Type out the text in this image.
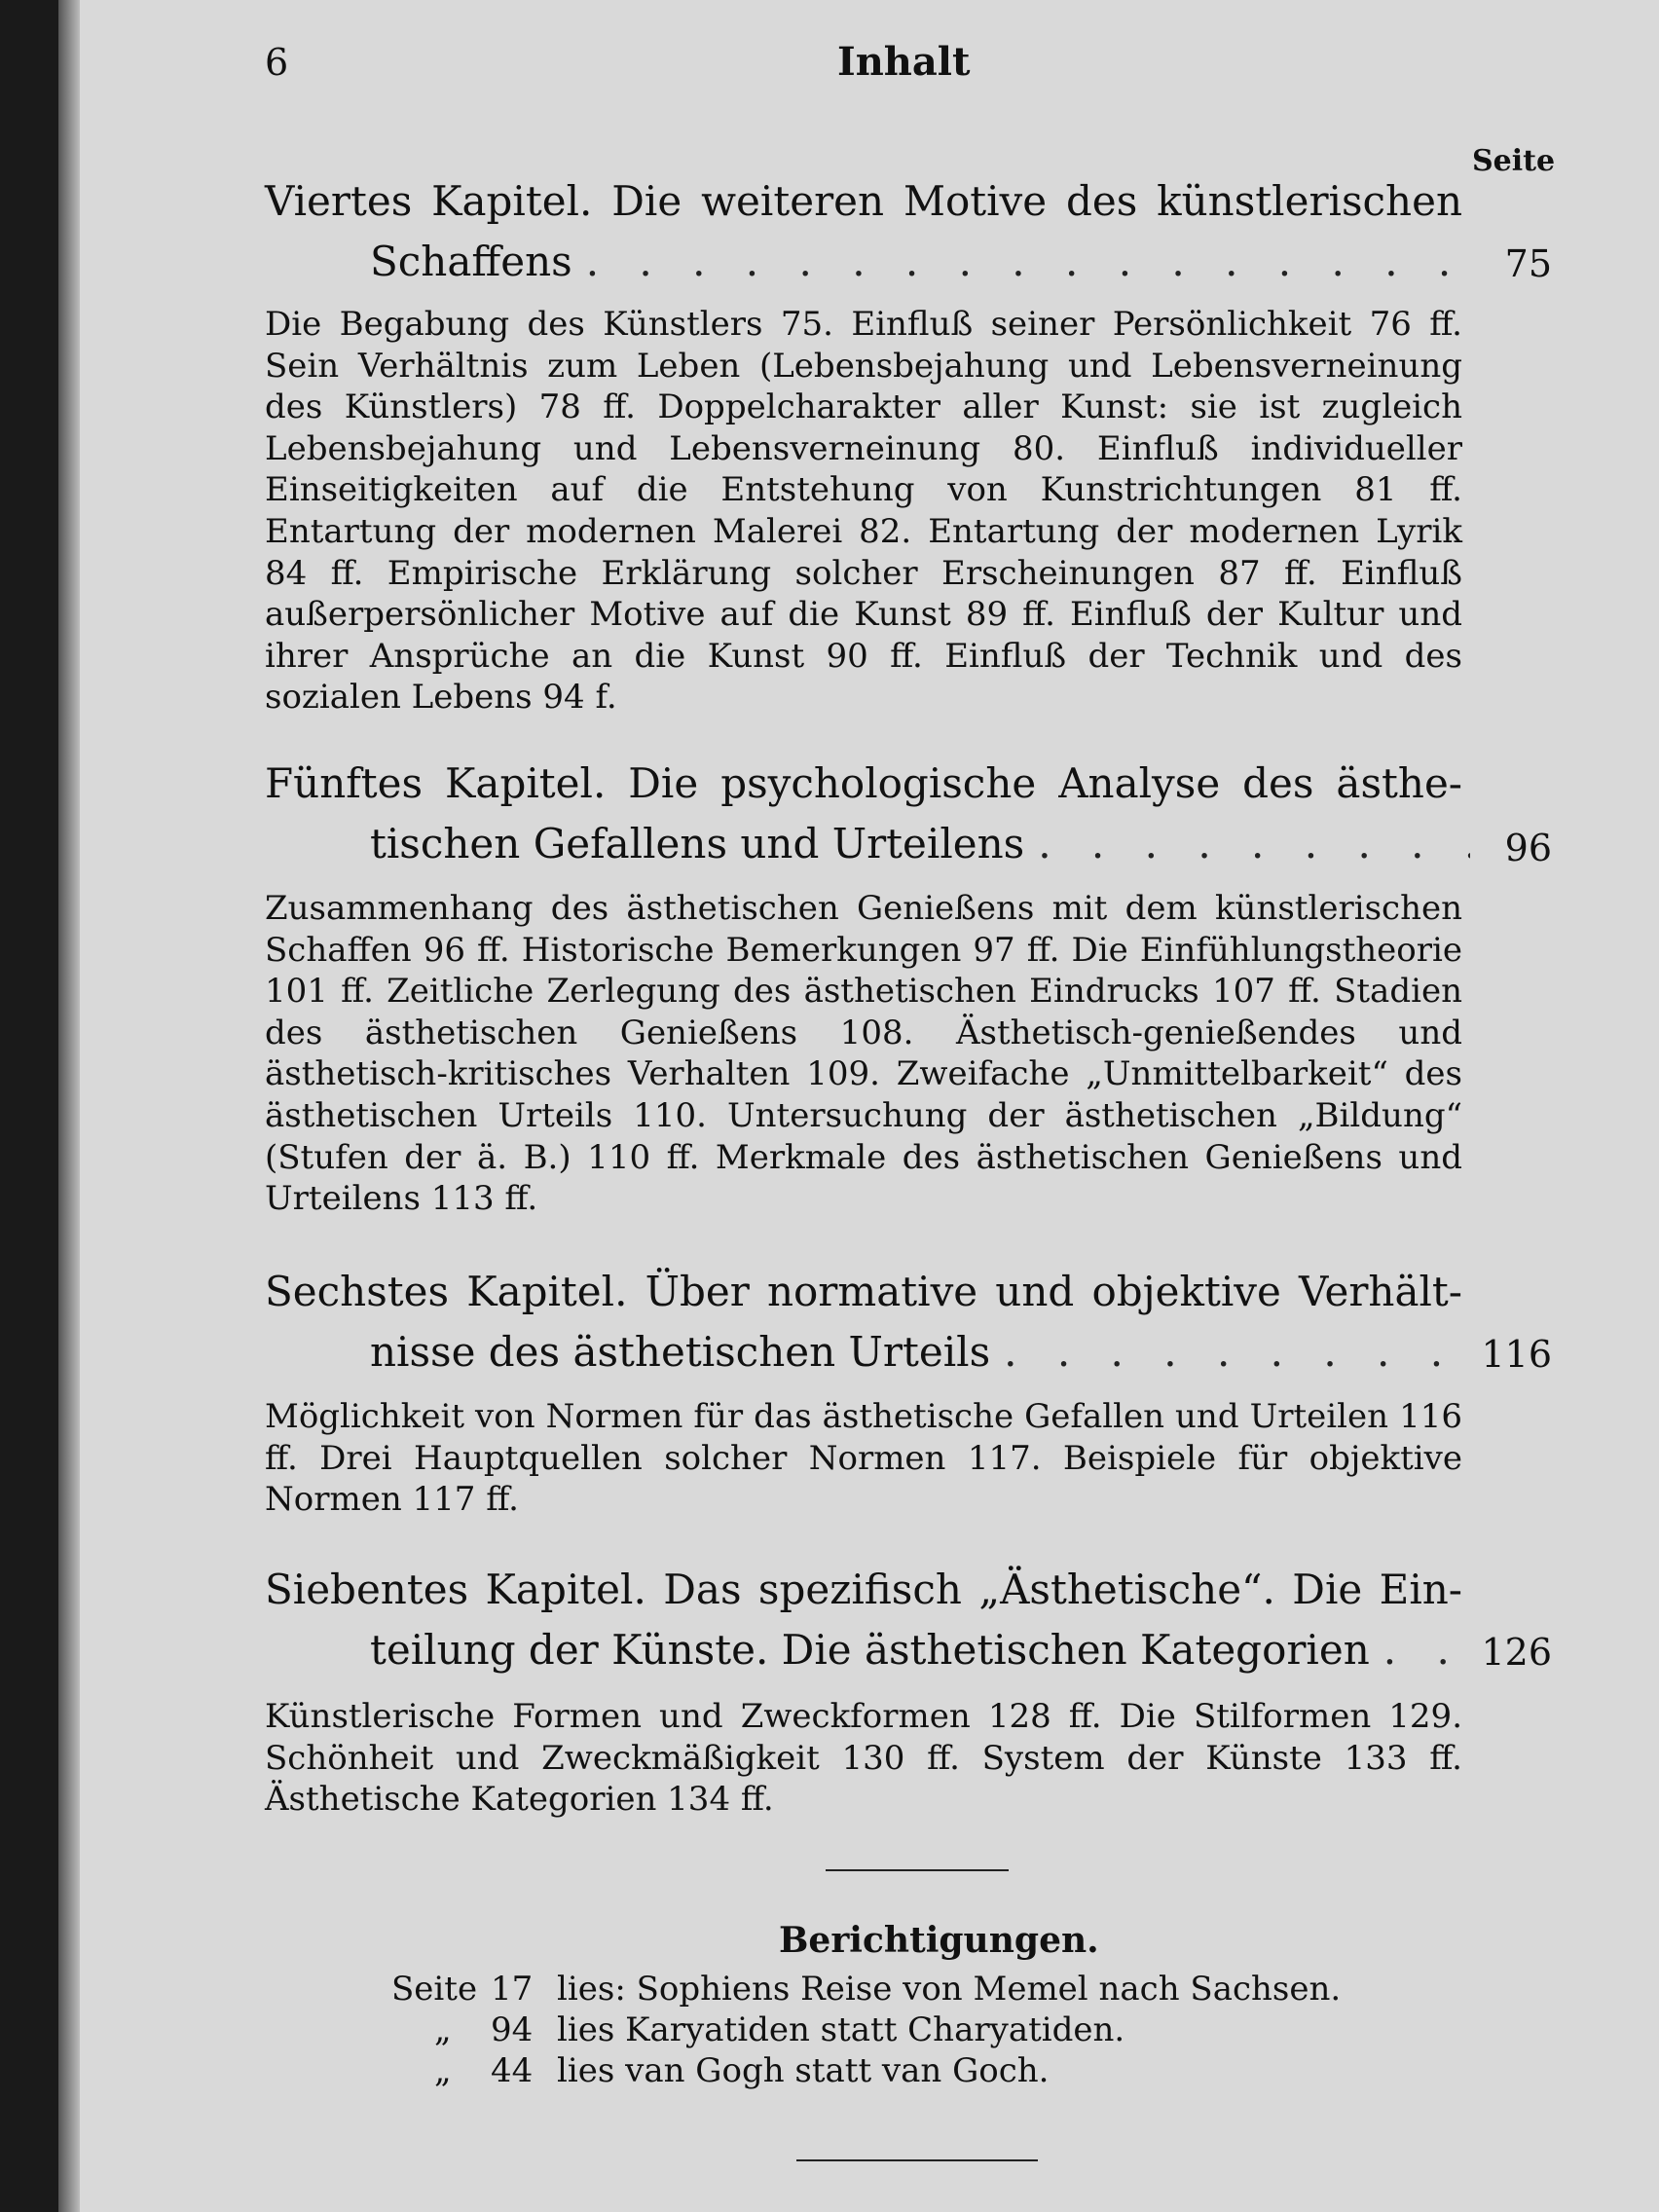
6	Inhalt
Seite
Viertes Kapitel. Die weiteren Motive des künstlerischen
Schaffens . . .	75
Die Begabung des Künstlers 75. Einfluß seiner Persönlichkeit 76 ff. Sein Verhältnis zum Leben (Lebensbejahung und Lebensverneinung des Künstlers) 78 ff. Doppelcharakter aller Kunst: sie ist zugleich Lebensbejahung und Lebensverneinung 80. Einfluß individueller Einseitigkeiten auf die Entstehung von Kunstrichtungen 81 ff. Entartung der modernen Malerei 82. Entartung der modernen Lyrik 84 ff. Empirische Erklärung solcher Erscheinungen 87 ff. Einfluß außerpersönlicher Motive auf die Kunst 89 ff. Einfluß der Kultur und ihrer Ansprüche an die Kunst 90 ff. Einfluß der Technik und des sozialen Lebens 94 f.
Fünftes Kapitel. Die psychologische Analyse des ästhe-
tischen Gefallens und Urteilens . . .	96
Zusammenhang des ästhetischen Genießens mit dem künstlerischen Schaffen 96 ff. Historische Bemerkungen 97 ff. Die Einfühlungstheorie 101 ff. Zeitliche Zerlegung des ästhetischen Eindrucks 107 ff. Stadien des ästhetischen Genießens 108. Ästhetisch-genießendes und ästhetisch-kritisches Verhalten 109. Zweifache „Unmittelbarkeit“ des ästhetischen Urteils 110. Untersuchung der ästhetischen „Bildung“ (Stufen der ä. B.) 110 ff. Merkmale des ästhetischen Genießens und Urteilens 113 ff.
Sechstes Kapitel. Über normative und objektive Verhält-
nisse des ästhetischen Urteils . . .	116
Möglichkeit von Normen für das ästhetische Gefallen und Urteilen 116 ff. Drei Hauptquellen solcher Normen 117. Beispiele für objektive Normen 117 ff.
Siebentes Kapitel. Das spezifisch „Ästhetische“. Die Ein-
teilung der Künste. Die ästhetischen Kategorien . . .	126
Künstlerische Formen und Zweckformen 128 ff. Die Stilformen 129. Schönheit und Zweckmäßigkeit 130 ff. System der Künste 133 ff. Ästhetische Kategorien 134 ff.
Berichtigungen.
Seite 17 lies: Sophiens Reise von Memel nach Sachsen.
„	94 lies Karyatiden statt Charyatiden.
„	44 lies van Gogh statt van Goch.
